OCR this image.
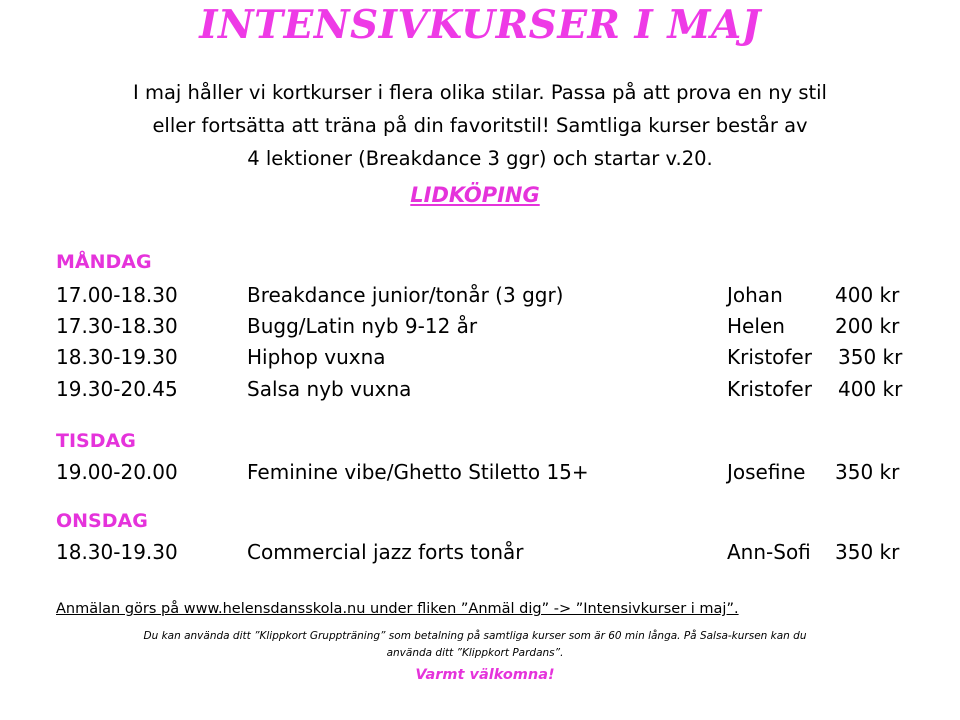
INTENSIVKURSER I MAJ
I maj håller vi kortkurser i flera olika stilar. Passa på att prova en ny stil
eller fortsätta att träna på din favoritstil! Samtliga kurser består av
4 lektioner (Breakdance 3 ggr) och startar v.20.
LIDKÖPING
MÅNDAG
17.00-18.30	Breakdance junior/tonår (3 ggr)	Johan	400 kr
17.30-18.30	Bugg/Latin nyb 9-12 år	Helen	200 kr
18.30-19.30	Hiphop vuxna	Kristofer 350 kr
19.30-20.45	Salsa nyb vuxna	Kristofer 400 kr
TISDAG
19.00-20.00	Feminine vibe/Ghetto Stiletto 15+	Josefine 350 kr
ONSDAG
18.30-19.30	Commercial jazz forts tonår	Ann-Sofi 350 kr
Anmälan görs på www.helensdansskola.nu under fliken ”Anmäl dig” -> ”Intensivkurser i maj”.
Du kan använda ditt ”Klippkort Gruppträning” som betalning på samtliga kurser som är 60 min långa. På Salsa-kursen kan du
använda ditt ”Klippkort Pardans”.
Varmt välkomna!
